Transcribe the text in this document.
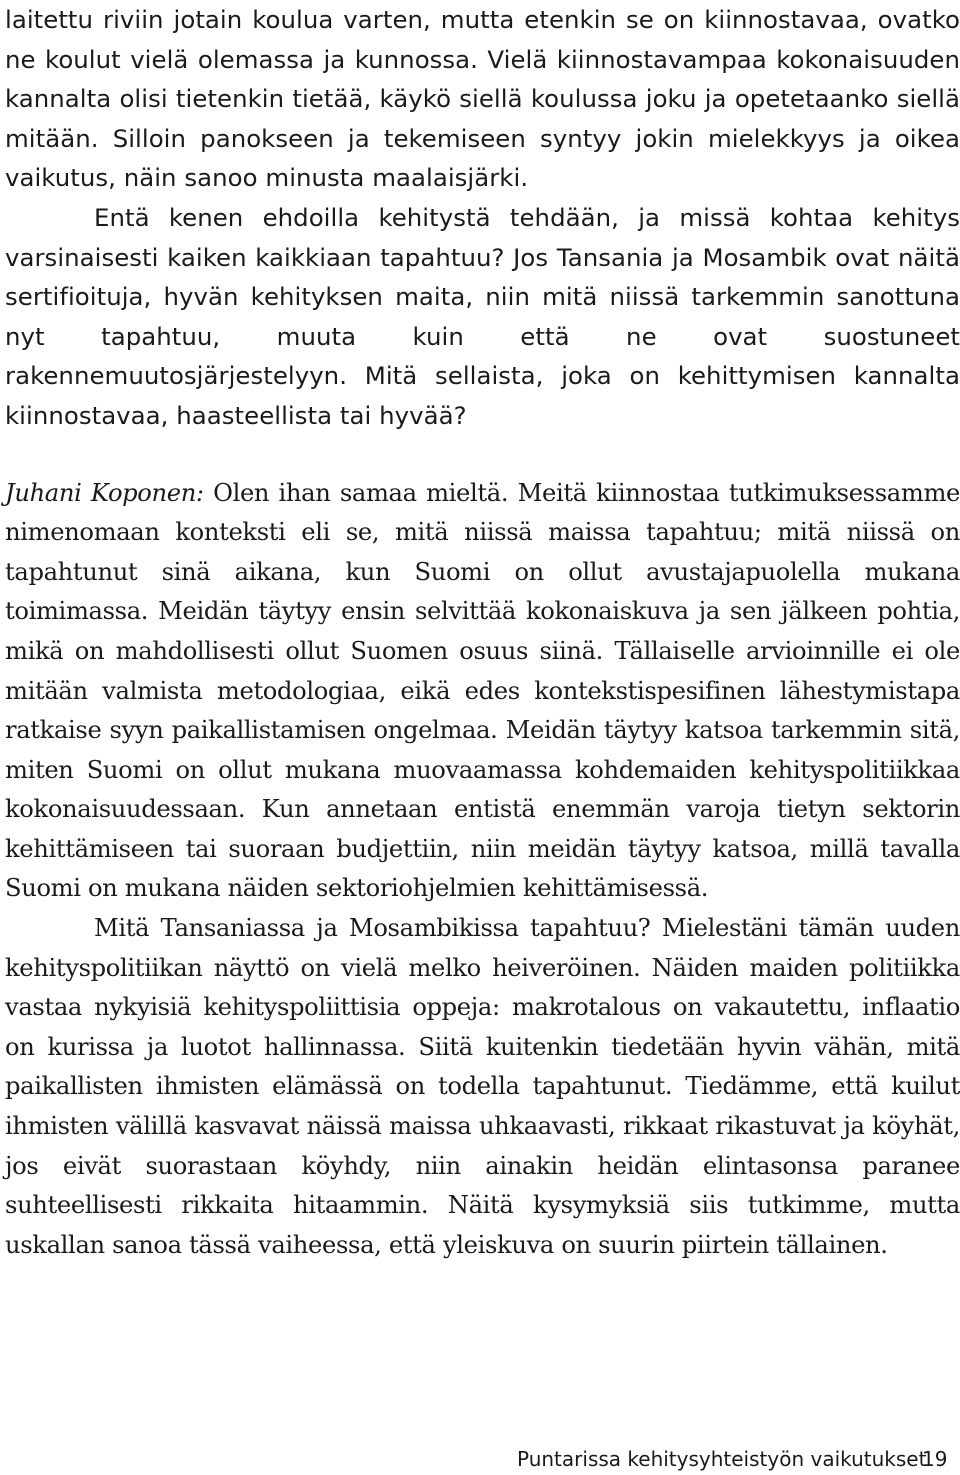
laitettu riviin jotain koulua varten, mutta etenkin se on kiinnostavaa, ovatko ne koulut vielä olemassa ja kunnossa. Vielä kiinnostavampaa kokonaisuuden kannalta olisi tietenkin tietää, käykö siellä koulussa joku ja opetetaanko siellä mitään. Silloin panokseen ja tekemiseen syntyy jokin mielekkyys ja oikea vaikutus, näin sanoo minusta maalaisjärki.

Entä kenen ehdoilla kehitystä tehdään, ja missä kohtaa kehitys varsinaisesti kaiken kaikkiaan tapahtuu? Jos Tansania ja Mosambik ovat näitä sertifioituja, hyvän kehityksen maita, niin mitä niissä tarkemmin sanottuna nyt tapahtuu, muuta kuin että ne ovat suostuneet rakennemuutosjärjestelyyn. Mitä sellaista, joka on kehittymisen kannalta kiinnostavaa, haasteellista tai hyvää?

Juhani Koponen: Olen ihan samaa mieltä. Meitä kiinnostaa tutkimuksessamme nimenomaan konteksti eli se, mitä niissä maissa tapahtuu; mitä niissä on tapahtunut sinä aikana, kun Suomi on ollut avustajapuolella mukana toimimassa. Meidän täytyy ensin selvittää kokonaiskuva ja sen jälkeen pohtia, mikä on mahdollisesti ollut Suomen osuus siinä. Tällaiselle arvioinnille ei ole mitään valmista metodologiaa, eikä edes kontekstispesifinen lähestymistapa ratkaise syyn paikallistamisen ongelmaa. Meidän täytyy katsoa tarkemmin sitä, miten Suomi on ollut mukana muovaamassa kohdemaiden kehityspolitiikkaa kokonaisuudessaan. Kun annetaan entistä enemmän varoja tietyn sektorin kehittämiseen tai suoraan budjettiin, niin meidän täytyy katsoa, millä tavalla Suomi on mukana näiden sektoriohjelmien kehittämisessä.

Mitä Tansaniassa ja Mosambikissa tapahtuu? Mielestäni tämän uuden kehityspolitiikan näyttö on vielä melko heiveröinen. Näiden maiden politiikka vastaa nykyisiä kehityspoliittisia oppeja: makrotalous on vakautettu, inflaatio on kurissa ja luotot hallinnassa. Siitä kuitenkin tiedetään hyvin vähän, mitä paikallisten ihmisten elämässä on todella tapahtunut. Tiedämme, että kuilut ihmisten välillä kasvavat näissä maissa uhkaavasti, rikkaat rikastuvat ja köyhät, jos eivät suorastaan köyhdy, niin ainakin heidän elintasonsa paranee suhteellisesti rikkaita hitaammin. Näitä kysymyksiä siis tutkimme, mutta uskallan sanoa tässä vaiheessa, että yleiskuva on suurin piirtein tällainen.

Puntarissa kehitysyhteistyön vaikutukset
19
